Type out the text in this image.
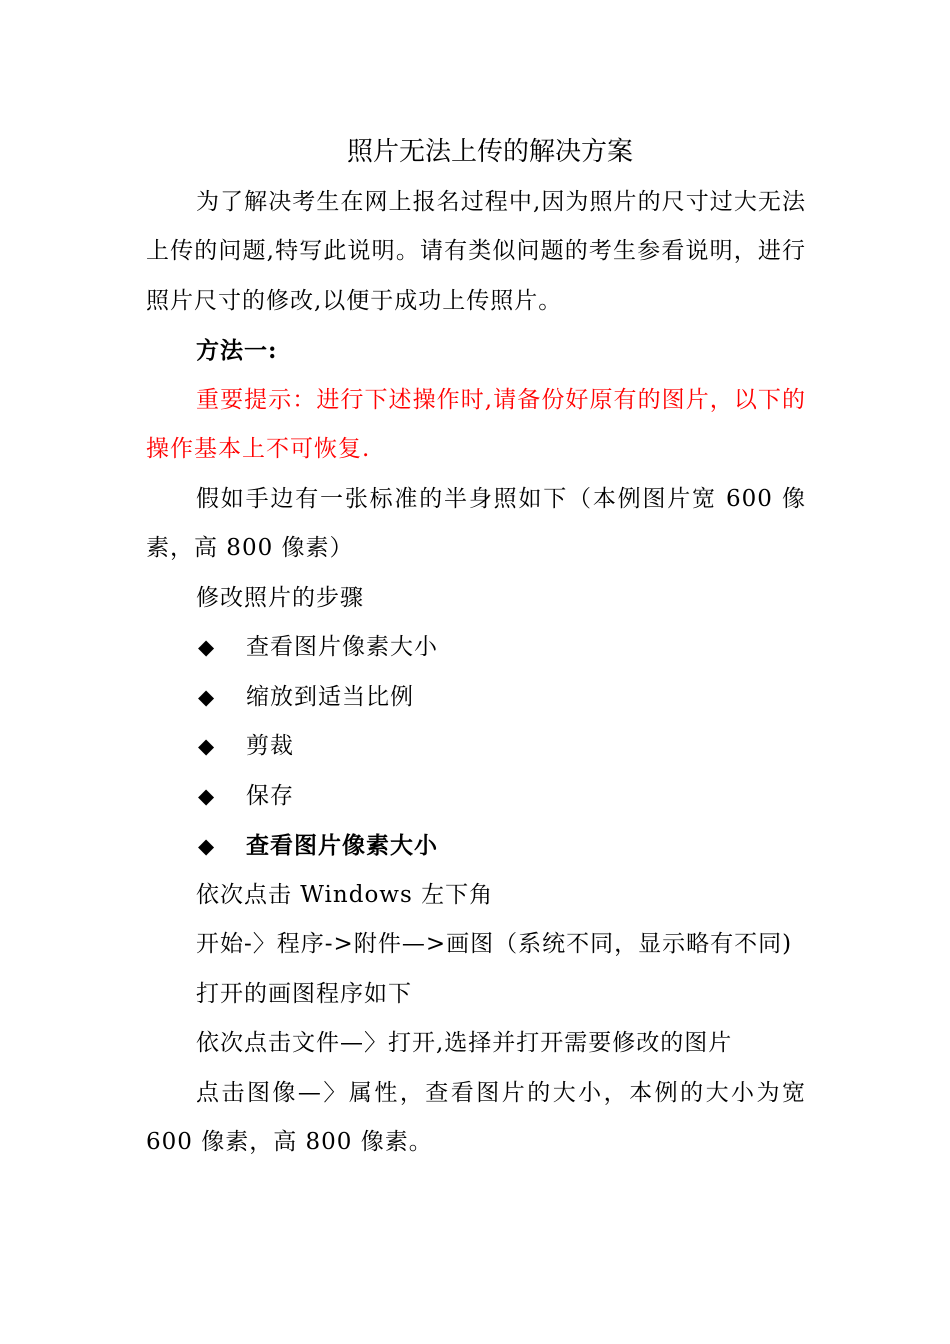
照片无法上传的解决方案

为了解决考生在网上报名过程中,因为照片的尺寸过大无法上传的问题,特写此说明。请有类似问题的考生参看说明，进行照片尺寸的修改,以便于成功上传照片。

方法一:

重要提示：进行下述操作时,请备份好原有的图片，以下的操作基本上不可恢复.

假如手边有一张标准的半身照如下（本例图片宽 600 像素，高 800 像素）

修改照片的步骤

◆ 查看图片像素大小

◆ 缩放到适当比例

◆ 剪裁

◆ 保存

◆ 查看图片像素大小

依次点击 Windows 左下角

开始-〉程序->附件—>画图（系统不同，显示略有不同)

打开的画图程序如下

依次点击文件—〉打开,选择并打开需要修改的图片

点击图像—〉属性，查看图片的大小，本例的大小为宽 600 像素，高 800 像素。
